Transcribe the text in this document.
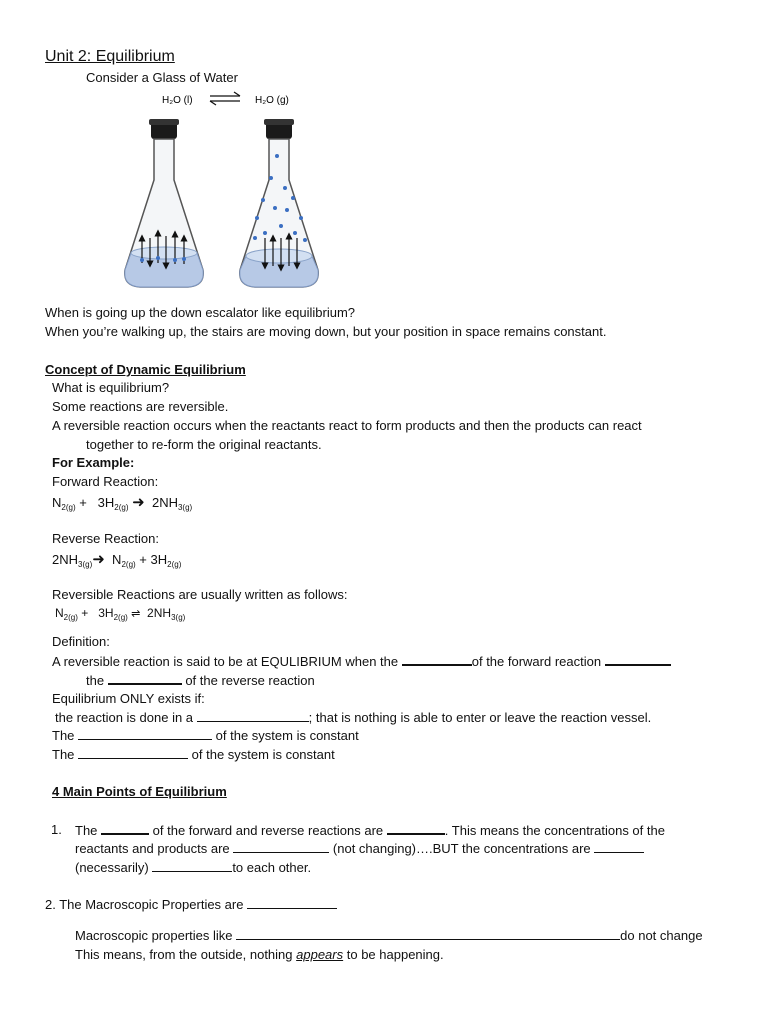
Unit 2: Equilibrium
Consider a Glass of Water
H₂O (l)	H₂O (g)
When is going up the down escalator like equilibrium?
When you’re walking up, the stairs are moving down, but your position in space remains constant.
Concept of Dynamic Equilibrium
What is equilibrium?
Some reactions are reversible.
A reversible reaction occurs when the reactants react to form products and then the products can react
together to re-form the original reactants.
For Example:
Forward Reaction:
$N_{2(g)} + 3H_{2(g)}$ ➜  $2NH_{3(g)}$
Reverse Reaction:
$2NH_{3(g)}➜$  $N_{2(g)} + 3H_{2(g)}$
Reversible Reactions are usually written as follows:
$N_{2(g)} + 3H_{2(g)}$ ⇌  $2NH_{3(g)}$
Definition:
A reversible reaction is said to be at EQULIBRIUM when the	of the forward reaction
the	of the reverse reaction
Equilibrium ONLY exists if:
the reaction is done in a	; that is nothing is able to enter or leave the reaction vessel.
The	of the system is constant
The	of the system is constant
4 Main Points of Equilibrium
1. The	of the forward and reverse reactions are	. This means the concentrations of the
reactants and products are	(not changing)….BUT the concentrations are
(necessarily)	to each other.
2. The Macroscopic Properties are
Macroscopic properties like	do not change
This means, from the outside, nothing appears to be happening.
